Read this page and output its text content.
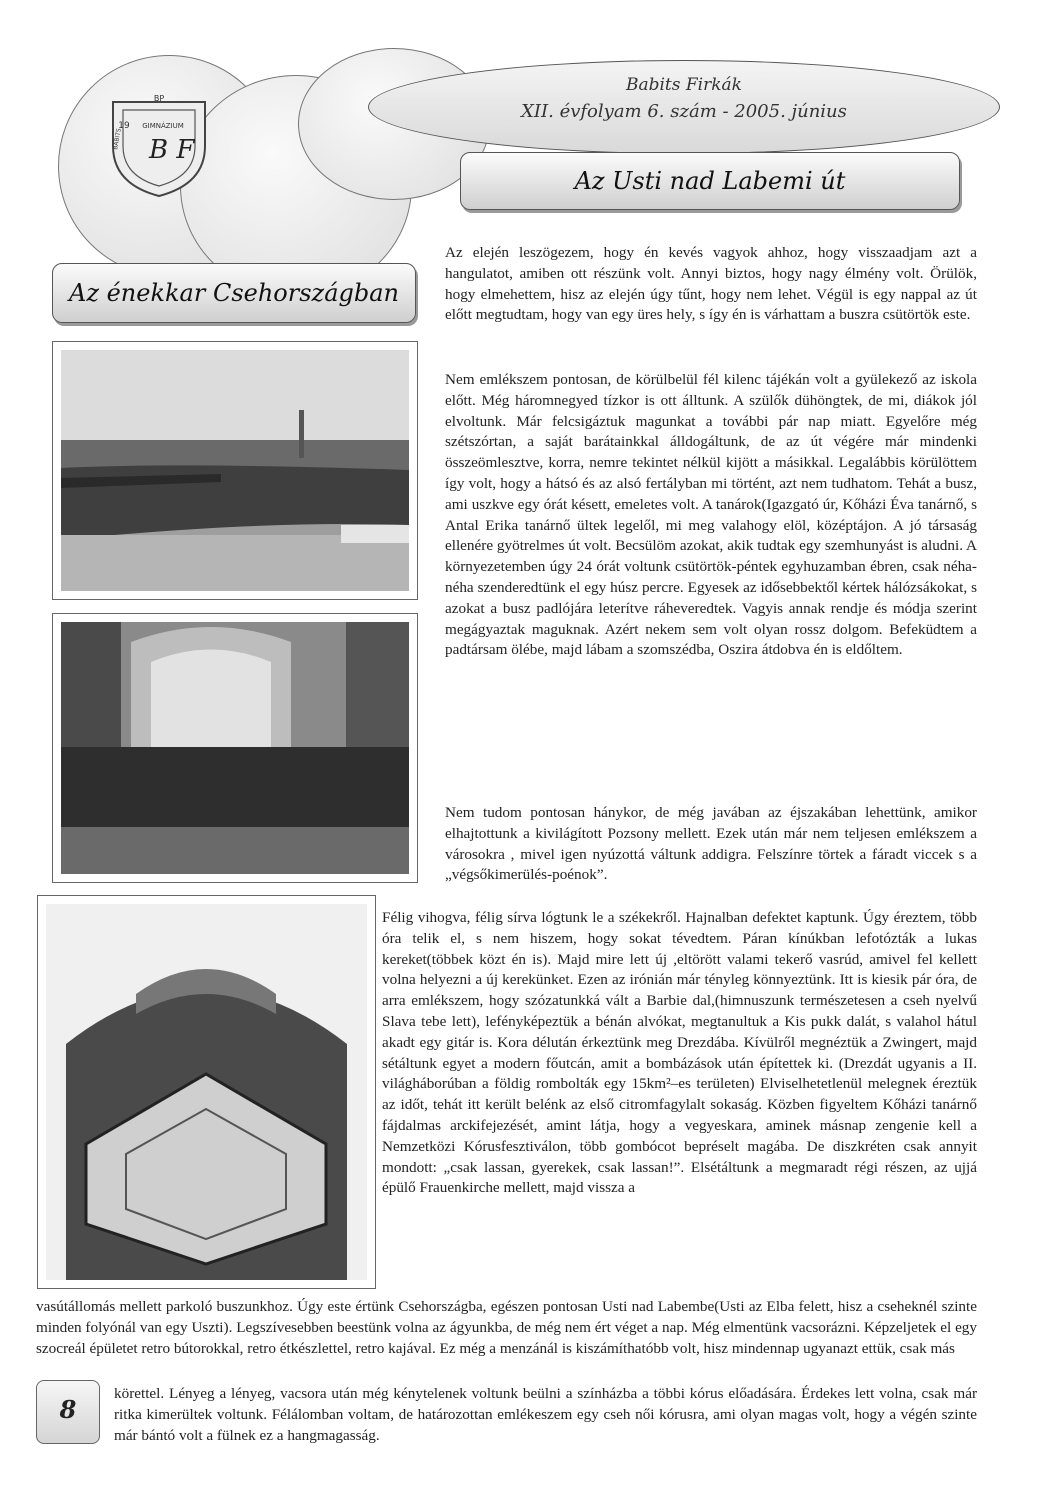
BP
19 GIMNÁZIUM
B F
BABITS
Babits Firkák
XII. évfolyam 6. szám - 2005. június
Az Usti nad Labemi út
Az énekkar Csehországban

Az elején leszögezem, hogy én kevés vagyok ahhoz, hogy visszaadjam azt a hangulatot, amiben ott részünk volt. Annyi biztos, hogy nagy élmény volt. Örülök, hogy elmehettem, hisz az elején úgy tűnt, hogy nem lehet. Végül is egy nappal az út előtt megtudtam, hogy van egy üres hely, s így én is várhattam a buszra csütörtök este.

Nem emlékszem pontosan, de körülbelül fél kilenc tájékán volt a gyülekező az iskola előtt. Még háromnegyed tízkor is ott álltunk. A szülők dühöngtek, de mi, diákok jól elvoltunk. Már felcsigáztuk magunkat a további pár nap miatt. Egyelőre még szétszórtan, a saját barátainkkal álldogáltunk, de az út végére már mindenki összeömlesztve, korra, nemre tekintet nélkül kijött a másikkal. Legalábbis körülöttem így volt, hogy a hátsó és az alsó fertályban mi történt, azt nem tudhatom. Tehát a busz, ami uszkve egy órát késett, emeletes volt. A tanárok(Igazgató úr, Kőházi Éva tanárnő, s Antal Erika tanárnő ültek legelől, mi meg valahogy elöl, középtájon. A jó társaság ellenére gyötrelmes út volt. Becsülöm azokat, akik tudtak egy szemhunyást is aludni. A környezetemben úgy 24 órát voltunk csütörtök-péntek egyhuzamban ébren, csak néha-néha szenderedtünk el egy húsz percre. Egyesek az idősebbektől kértek hálózsákokat, s azokat a busz padlójára leterítve ráheveredtek. Vagyis annak rendje és módja szerint megágyaztak maguknak. Azért nekem sem volt olyan rossz dolgom. Befeküdtem a padtársam ölébe, majd lábam a szomszédba, Oszira átdobva én is eldőltem.

Nem tudom pontosan hánykor, de még javában az éjszakában lehettünk, amikor elhajtottunk a kivilágított Pozsony mellett. Ezek után már nem teljesen emlékszem a városokra , mivel igen nyúzottá váltunk addigra. Felszínre törtek a fáradt viccek s a „végsőkimerülés-poénok”.

Félig vihogva, félig sírva lógtunk le a székekről. Hajnalban defektet kaptunk. Úgy éreztem, több óra telik el, s nem hiszem, hogy sokat tévedtem. Páran kínúkban lefotózták a lukas kereket(többek közt én is). Majd mire lett új ,eltörött valami tekerő vasrúd, amivel fel kellett volna helyezni a új kerekünket. Ezen az irónián már tényleg könnyeztünk. Itt is kiesik pár óra, de arra emlékszem, hogy szózatunkká vált a Barbie dal,(himnuszunk természetesen a cseh nyelvű Slava tebe lett), lefényképeztük a bénán alvókat, megtanultuk a Kis pukk dalát, s valahol hátul akadt egy gitár is. Kora délután érkeztünk meg Drezdába. Kívülről megnéztük a Zwingert, majd sétáltunk egyet a modern főutcán, amit a bombázások után építettek ki. (Drezdát ugyanis a II. világháborúban a földig rombolták egy 15km²–es területen) Elviselhetetlenül melegnek éreztük az időt, tehát itt került belénk az első citromfagylalt sokaság. Közben figyeltem Kőházi tanárnő fájdalmas arckifejezését, amint látja, hogy a vegyeskara, aminek másnap zengenie kell a Nemzetközi Kórusfesztiválon, több gombócot bepréselt magába. De diszkréten csak annyit mondott: „csak lassan, gyerekek, csak lassan!”. Elsétáltunk a megmaradt régi részen, az ujjá épülő Frauenkirche mellett, majd vissza a

vasútállomás mellett parkoló buszunkhoz. Úgy este értünk Csehországba, egészen pontosan Usti nad Labembe(Usti az Elba felett, hisz a cseheknél szinte minden folyónál van egy Uszti). Legszívesebben beestünk volna az ágyunkba, de még nem ért véget a nap. Még elmentünk vacsorázni. Képzeljetek el egy szocreál épületet retro bútorokkal, retro étkészlettel, retro kajával. Ez még a menzánál is kiszámíthatóbb volt, hisz mindennap ugyanazt ettük, csak más

körettel. Lényeg a lényeg, vacsora után még kénytelenek voltunk beülni a színházba a többi kórus előadására. Érdekes lett volna, csak már ritka kimerültek voltunk. Félálomban voltam, de határozottan emlékeszem egy cseh női kórusra, ami olyan magas volt, hogy a végén szinte már bántó volt a fülnek ez a hangmagasság.

8
